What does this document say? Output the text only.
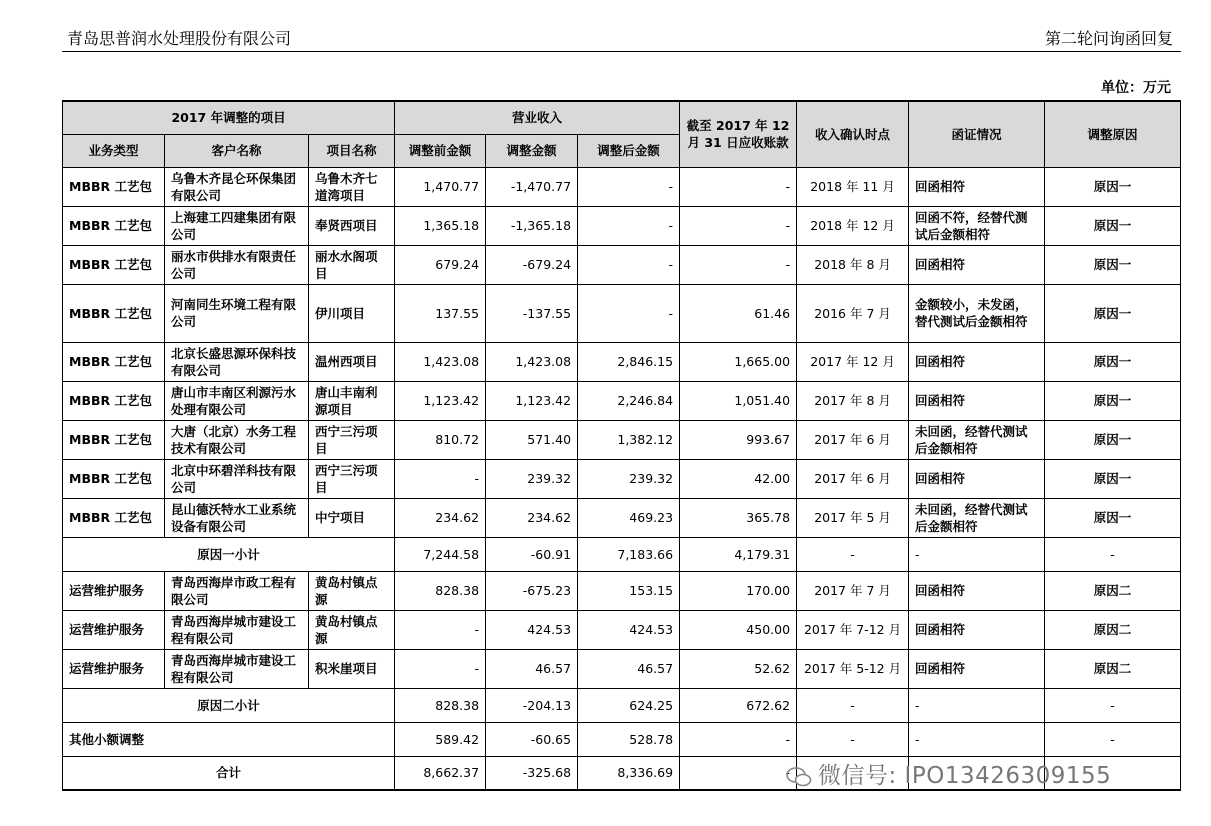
青岛思普润水处理股份有限公司	第二轮问询函回复
单位：万元
2017 年调整的项目			营业收入			截至 2017 年 12 月 31 日应收账款	收入确认时点	函证情况	调整原因
业务类型	客户名称	项目名称	调整前金额	调整金额	调整后金额				
MBBR 工艺包	乌鲁木齐昆仑环保集团有限公司	乌鲁木齐七道湾项目	1,470.77	-1,470.77	-	-	2018 年 11 月	回函相符	原因一
MBBR 工艺包	上海建工四建集团有限公司	奉贤西项目	1,365.18	-1,365.18	-	-	2018 年 12 月	回函不符，经替代测试后金额相符	原因一
MBBR 工艺包	丽水市供排水有限责任公司	丽水水阁项目	679.24	-679.24	-	-	2018 年 8 月	回函相符	原因一
MBBR 工艺包	河南同生环境工程有限公司	伊川项目	137.55	-137.55	-	61.46	2016 年 7 月	金额较小，未发函，替代测试后金额相符	原因一
MBBR 工艺包	北京长盛思源环保科技有限公司	温州西项目	1,423.08	1,423.08	2,846.15	1,665.00	2017 年 12 月	回函相符	原因一
MBBR 工艺包	唐山市丰南区利源污水处理有限公司	唐山丰南利源项目	1,123.42	1,123.42	2,246.84	1,051.40	2017 年 8 月	回函相符	原因一
MBBR 工艺包	大唐（北京）水务工程技术有限公司	西宁三污项目	810.72	571.40	1,382.12	993.67	2017 年 6 月	未回函，经替代测试后金额相符	原因一
MBBR 工艺包	北京中环碧洋科技有限公司	西宁三污项目	-	239.32	239.32	42.00	2017 年 6 月	回函相符	原因一
MBBR 工艺包	昆山德沃特水工业系统设备有限公司	中宁项目	234.62	234.62	469.23	365.78	2017 年 5 月	未回函，经替代测试后金额相符	原因一
原因一小计			7,244.58	-60.91	7,183.66	4,179.31	-	-	-
运营维护服务	青岛西海岸市政工程有限公司	黄岛村镇点源	828.38	-675.23	153.15	170.00	2017 年 7 月	回函相符	原因二
运营维护服务	青岛西海岸城市建设工程有限公司	黄岛村镇点源	-	424.53	424.53	450.00	2017 年 7-12 月	回函相符	原因二
运营维护服务	青岛西海岸城市建设工程有限公司	积米崖项目	-	46.57	46.57	52.62	2017 年 5-12 月	回函相符	原因二
原因二小计			828.38	-204.13	624.25	672.62	-	-	-
其他小额调整			589.42	-60.65	528.78	-	-	-	-
合计			8,662.37	-325.68	8,336.69	-				微信号: IPO13426309155
